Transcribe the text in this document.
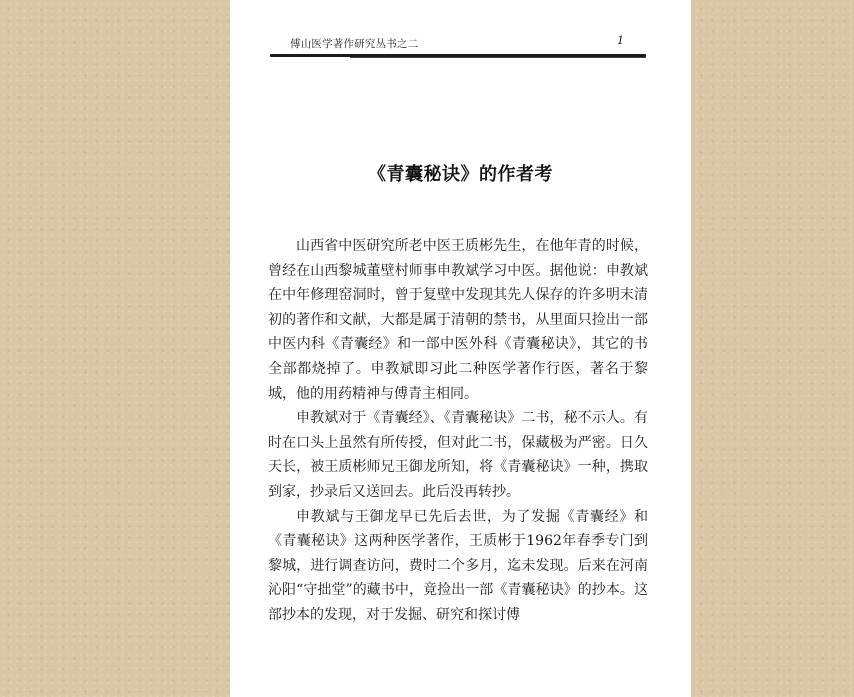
傅山医学著作研究丛书之二	1
《青囊秘诀》的作者考

山西省中医研究所老中医王质彬先生，在他年青的时候，曾经在山西黎城董壁村师事申教斌学习中医。据他说：申教斌在中年修理窑洞时，曾于复壁中发现其先人保存的许多明末清初的著作和文献，大都是属于清朝的禁书，从里面只捡出一部中医内科《青囊经》和一部中医外科《青囊秘诀》，其它的书全部都烧掉了。申教斌即习此二种医学著作行医，著名于黎城，他的用药精神与傅青主相同。

申教斌对于《青囊经》、《青囊秘诀》二书，秘不示人。有时在口头上虽然有所传授，但对此二书，保藏极为严密。日久天长，被王质彬师兄王御龙所知，将《青囊秘诀》一种，携取到家，抄录后又送回去。此后没再转抄。

申教斌与王御龙早已先后去世，为了发掘《青囊经》和《青囊秘诀》这两种医学著作，王质彬于1962年春季专门到黎城，进行调查访问，费时二个多月，迄未发现。后来在河南沁阳“守拙堂”的藏书中，竟捡出一部《青囊秘诀》的抄本。这部抄本的发现，对于发掘、研究和探讨傅
